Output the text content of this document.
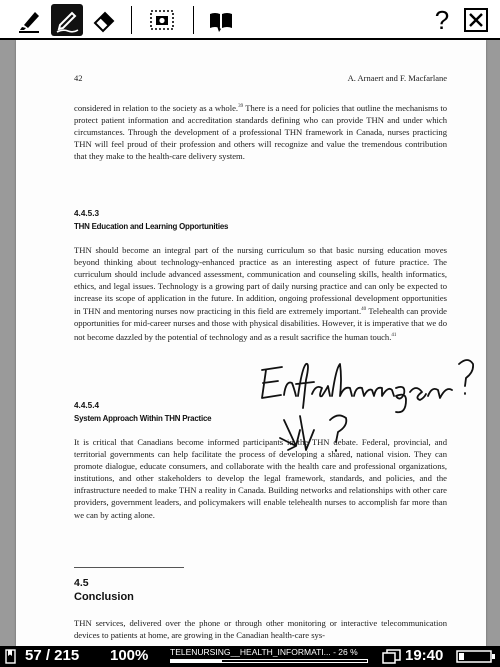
?
42	A. Arnaert and F. Macfarlane

considered in relation to the society as a whole.$^{39}$ There is a need for policies that outline the mechanisms to protect patient information and accreditation standards defining who can provide THN and under which circumstances. Through the development of a professional THN framework in Canada, nurses practicing THN will feel proud of their profession and others will recognize and value the tremendous contribution that they make to the health-care delivery system.

4.4.5.3
THN Education and Learning Opportunities

THN should become an integral part of the nursing curriculum so that basic nursing education moves beyond thinking about technology-enhanced practice as an interesting aspect of future practice. The curriculum should include advanced assessment, communication and counseling skills, health informatics, ethics, and legal issues. Technology is a growing part of daily nursing practice and can only be expected to increase its scope of application in the future. In addition, ongoing professional development opportunities in THN and mentoring nurses now practicing in this field are extremely important.$^{40}$ Telehealth can provide opportunities for mid-career nurses and those with physical disabilities. However, it is imperative that we do not become dazzled by the potential of technology and as a result sacrifice the human touch.$^{41}$

4.4.5.4
System Approach Within THN Practice

It is critical that Canadians become informed participants in the THN debate. Federal, provincial, and territorial governments can help facilitate the process of developing a shared, national vision. They can promote dialogue, educate consumers, and collaborate with the health care and professional organizations, institutions, and other stakeholders to develop the legal framework, standards, and policies, and the infrastructure needed to make THN a reality in Canada. Building networks and relationships with other care providers, government leaders, and policymakers will enable telehealth nurses to accomplish far more than we can by acting alone.

4.5
Conclusion

THN services, delivered over the phone or through other monitoring or interactive telecommunication devices to patients at home, are growing in the Canadian health-care sys-

57 / 215 100%	TELENURSING__HEALTH_INFORMATI... - 26 %	19:40
